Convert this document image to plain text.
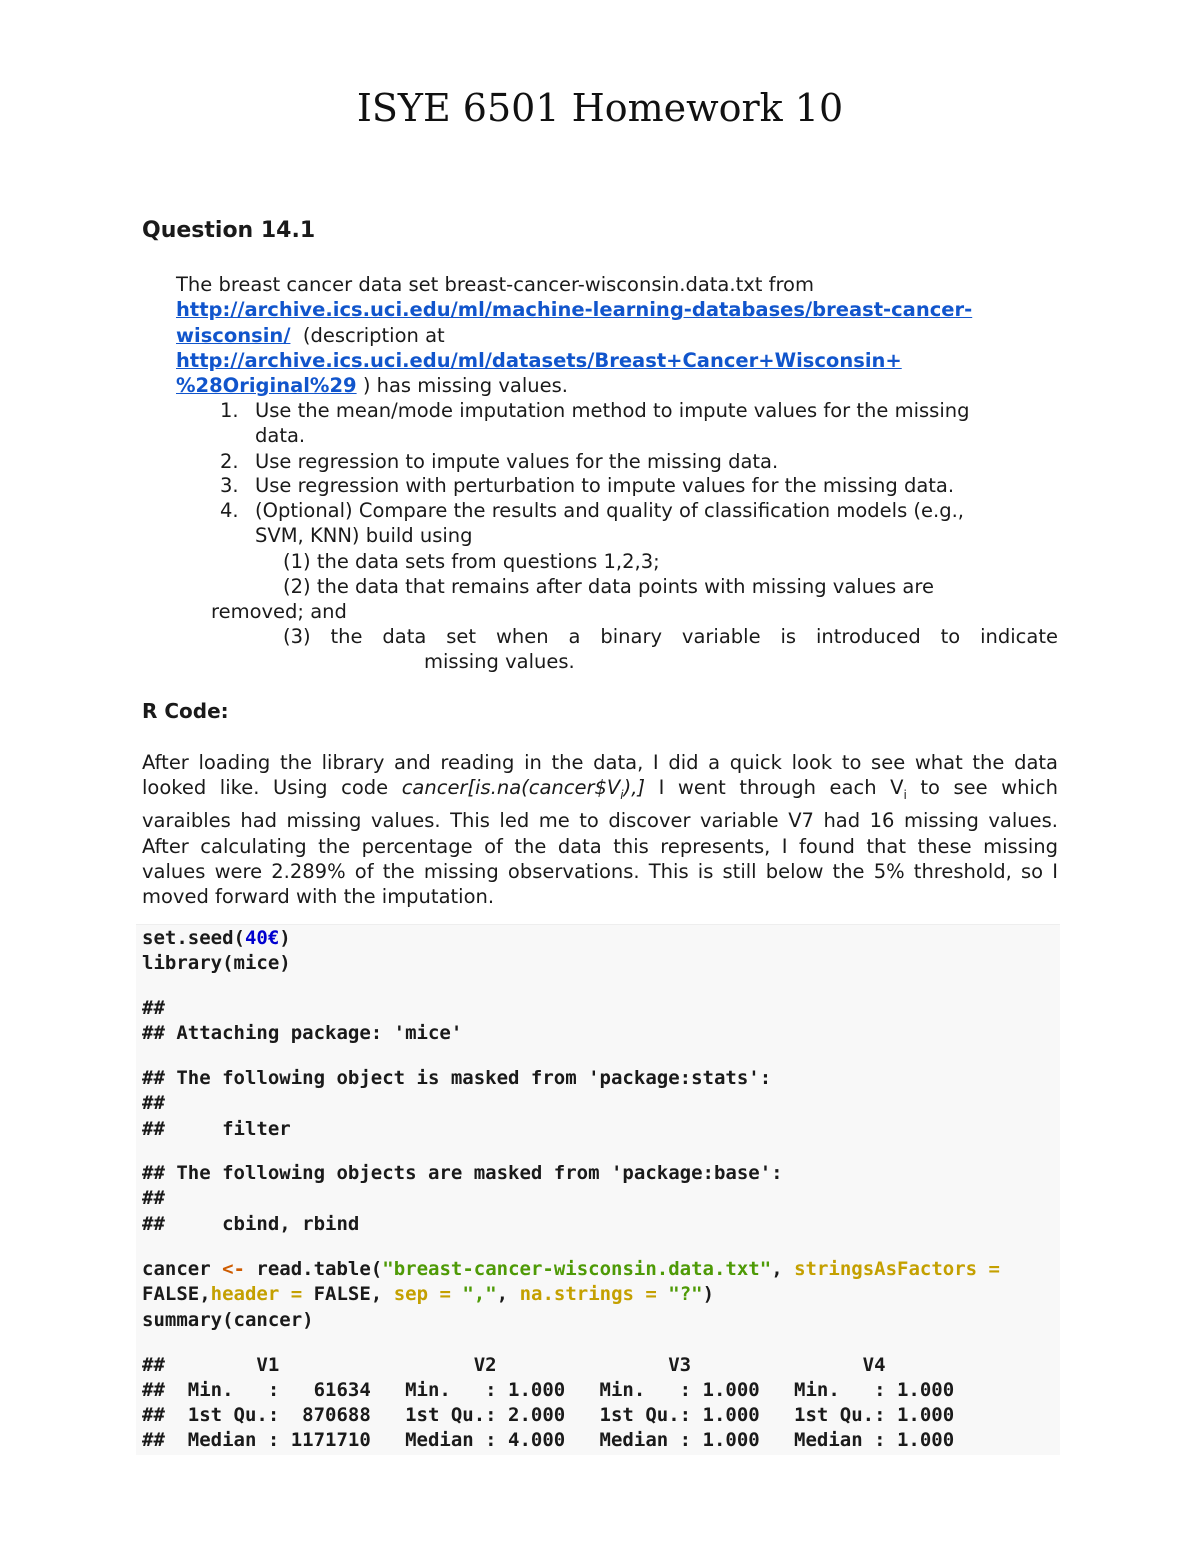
ISYE 6501 Homework 10
Question 14.1
The breast cancer data set breast-cancer-wisconsin.data.txt from
http://archive.ics.uci.edu/ml/machine-learning-databases/breast-cancer-
wisconsin/ (description at
http://archive.ics.uci.edu/ml/datasets/Breast+Cancer+Wisconsin+
%28Original%29 ) has missing values.
1. Use the mean/mode imputation method to impute values for the missing
data.
2. Use regression to impute values for the missing data.
3. Use regression with perturbation to impute values for the missing data.
4. (Optional) Compare the results and quality of classification models (e.g.,
SVM, KNN) build using
(1) the data sets from questions 1,2,3;
(2) the data that remains after data points with missing values are
removed; and
(3) the data set when a binary variable is introduced to indicate
missing values.
R Code:
After loading the library and reading in the data, I did a quick look to see what the data looked like. Using code $cancer[is.na(cancer\$V_i),]$ I went through each $V_i$ to see which varaibles had missing values. This led me to discover variable V7 had 16 missing values. After calculating the percentage of the data this represents, I found that these missing values were 2.289% of the missing observations. This is still below the 5% threshold, so I moved forward with the imputation.
set.seed(40€)
library(mice)
##
## Attaching package: 'mice'
## The following object is masked from 'package:stats':
##
##     filter
## The following objects are masked from 'package:base':
##
##     cbind, rbind
cancer <- read.table("breast-cancer-wisconsin.data.txt", stringsAsFactors =
FALSE,header = FALSE, sep = ",", na.strings = "?")
summary(cancer)
##        V1                 V2               V3               V4
##  Min.   :   61634   Min.   : 1.000   Min.   : 1.000   Min.   : 1.000
##  1st Qu.:  870688   1st Qu.: 2.000   1st Qu.: 1.000   1st Qu.: 1.000
##  Median : 1171710   Median : 4.000   Median : 1.000   Median : 1.000
